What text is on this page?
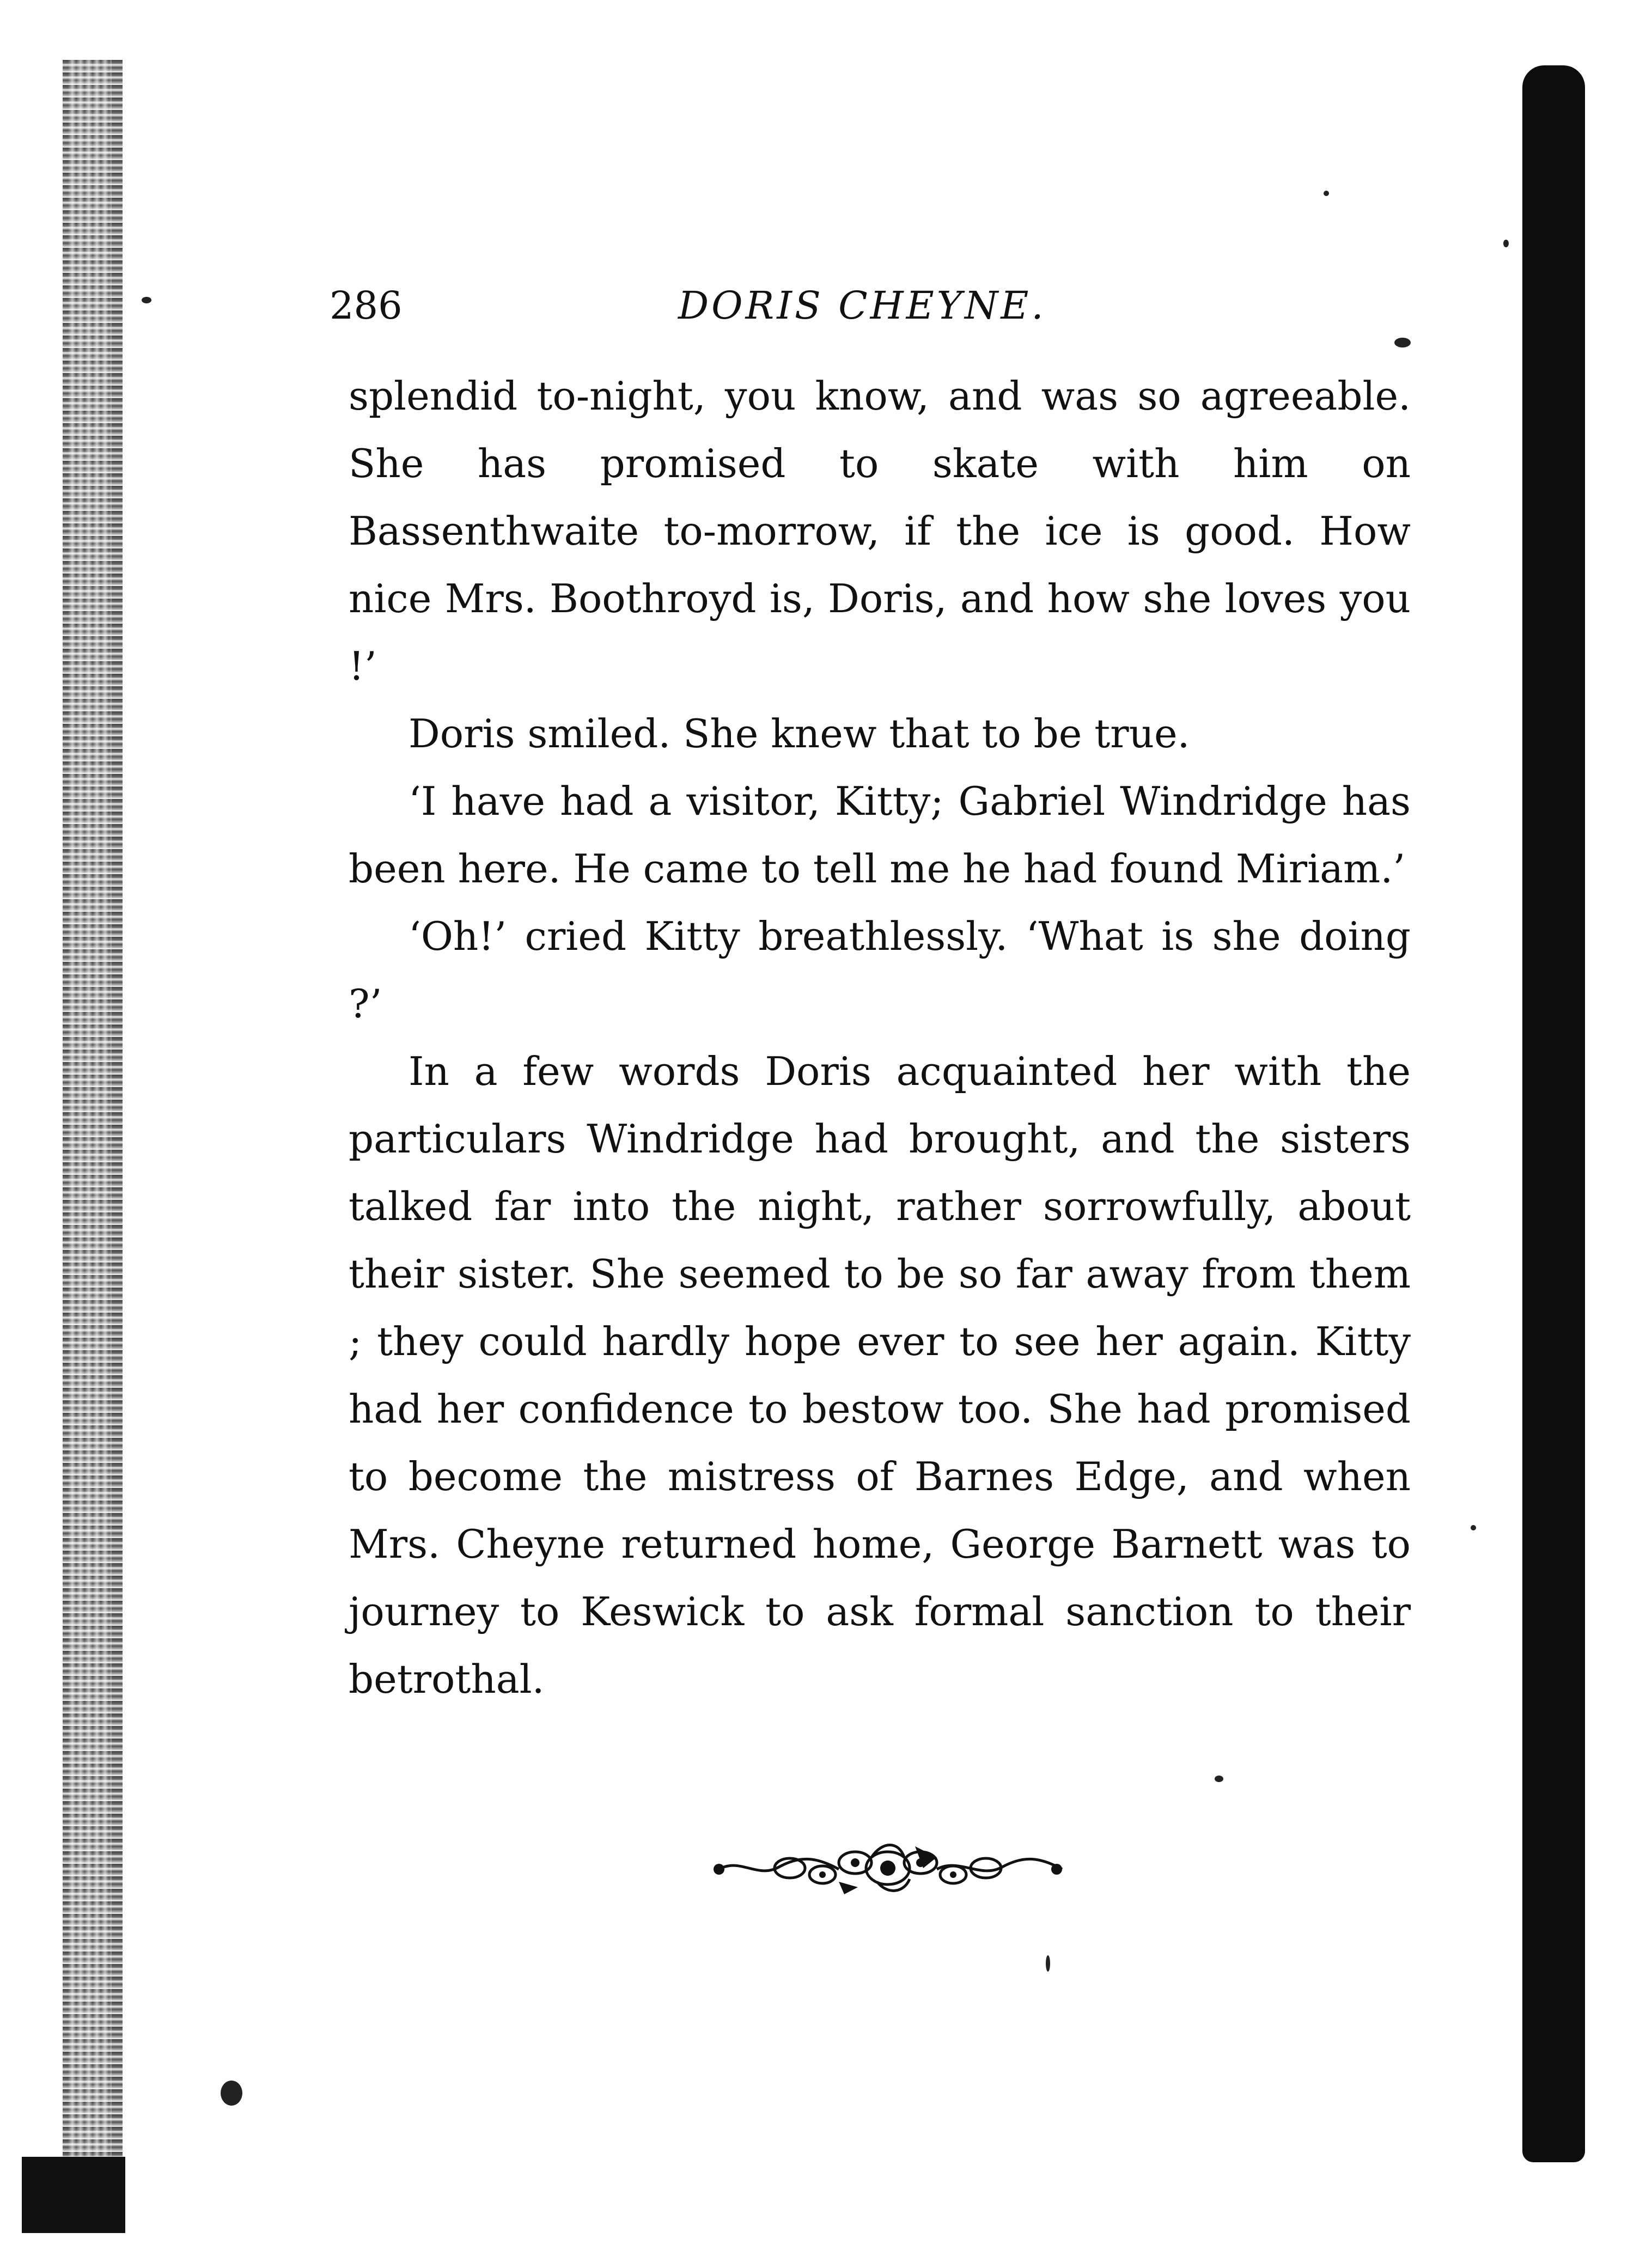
286	DORIS CHEYNE.

splendid to-night, you know, and was so agreeable. She has promised to skate with him on Bassenthwaite to-morrow, if the ice is good. How nice Mrs. Boothroyd is, Doris, and how she loves you !’

Doris smiled. She knew that to be true.

‘I have had a visitor, Kitty; Gabriel Windridge has been here. He came to tell me he had found Miriam.’

‘Oh!’ cried Kitty breathlessly. ‘What is she doing ?’

In a few words Doris acquainted her with the particulars Windridge had brought, and the sisters talked far into the night, rather sorrowfully, about their sister. She seemed to be so far away from them ; they could hardly hope ever to see her again. Kitty had her confidence to bestow too. She had promised to become the mistress of Barnes Edge, and when Mrs. Cheyne returned home, George Barnett was to journey to Keswick to ask formal sanction to their betrothal.
